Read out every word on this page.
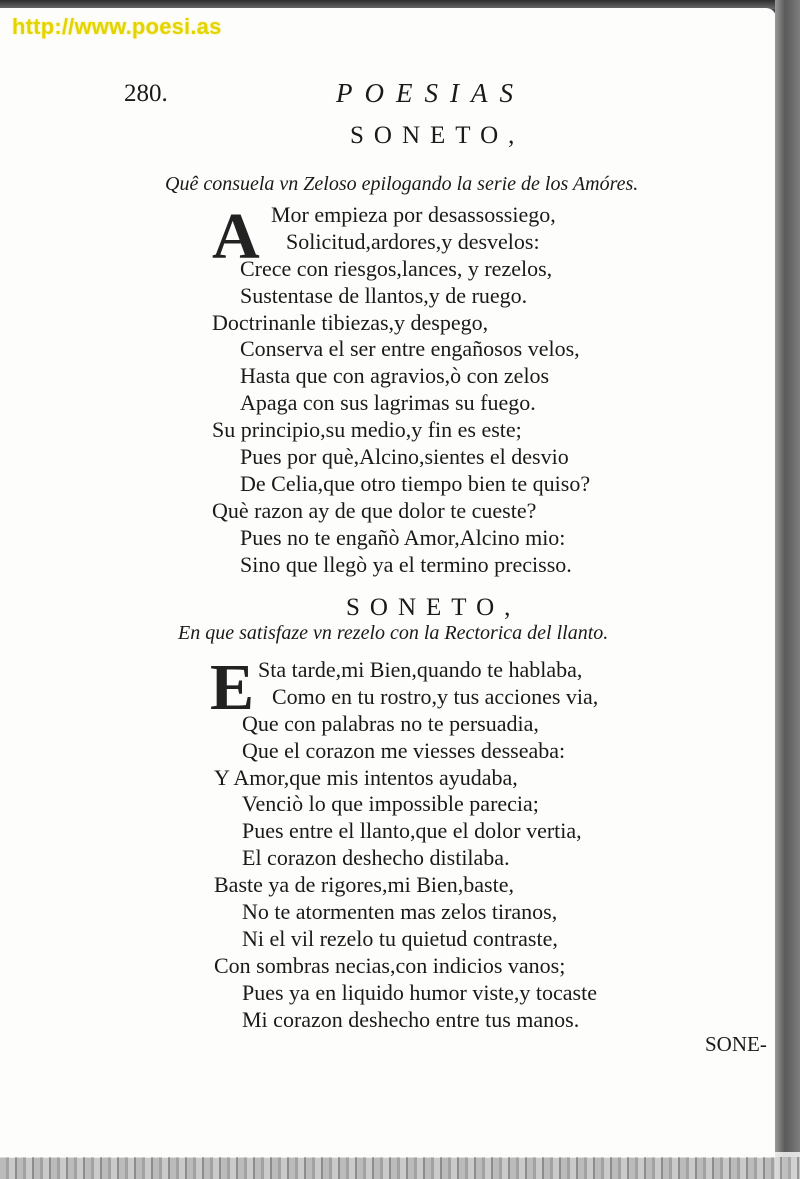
http://www.poesi.as
280.	POESIAS
SONETO,
Quê consuela vn Zeloso epilogando la serie de los Amóres.
A Mor empieza por desassossiego,
Solicitud,ardores,y desvelos:
Crece con riesgos,lances, y rezelos,
Sustentase de llantos,y de ruego.
Doctrinanle tibiezas,y despego,
Conserva el ser entre engañosos velos,
Hasta que con agravios,ò con zelos
Apaga con sus lagrimas su fuego.
Su principio,su medio,y fin es este;
Pues por què,Alcino,sientes el desvio
De Celia,que otro tiempo bien te quiso?
Què razon ay de que dolor te cueste?
Pues no te engañò Amor,Alcino mio:
Sino que llegò ya el termino precisso.
SONETO,
En que satisfaze vn rezelo con la Rectorica del llanto.
E Sta tarde,mi Bien,quando te hablaba,
Como en tu rostro,y tus acciones via,
Que con palabras no te persuadia,
Que el corazon me viesses desseaba:
Y Amor,que mis intentos ayudaba,
Venciò lo que impossible parecia;
Pues entre el llanto,que el dolor vertia,
El corazon deshecho distilaba.
Baste ya de rigores,mi Bien,baste,
No te atormenten mas zelos tiranos,
Ni el vil rezelo tu quietud contraste,
Con sombras necias,con indicios vanos;
Pues ya en liquido humor viste,y tocaste
Mi corazon deshecho entre tus manos.
SONE-
